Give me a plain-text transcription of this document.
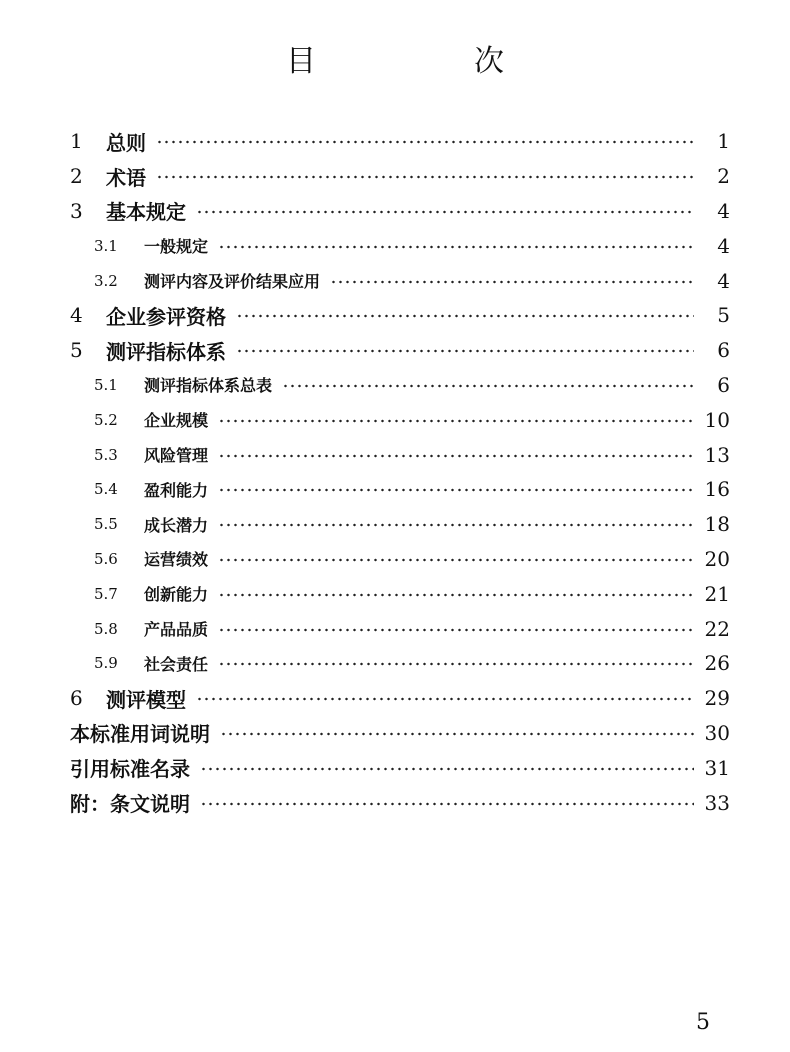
目　次
1	总则	1
2	术语	2
3	基本规定	4
3.1	一般规定	4
3.2	测评内容及评价结果应用	4
4	企业参评资格	5
5	测评指标体系	6
5.1	测评指标体系总表	6
5.2	企业规模	10
5.3	风险管理	13
5.4	盈利能力	16
5.5	成长潜力	18
5.6	运营绩效	20
5.7	创新能力	21
5.8	产品品质	22
5.9	社会责任	26
6	测评模型	29
本标准用词说明	30
引用标准名录	31
附：条文说明	33
5
